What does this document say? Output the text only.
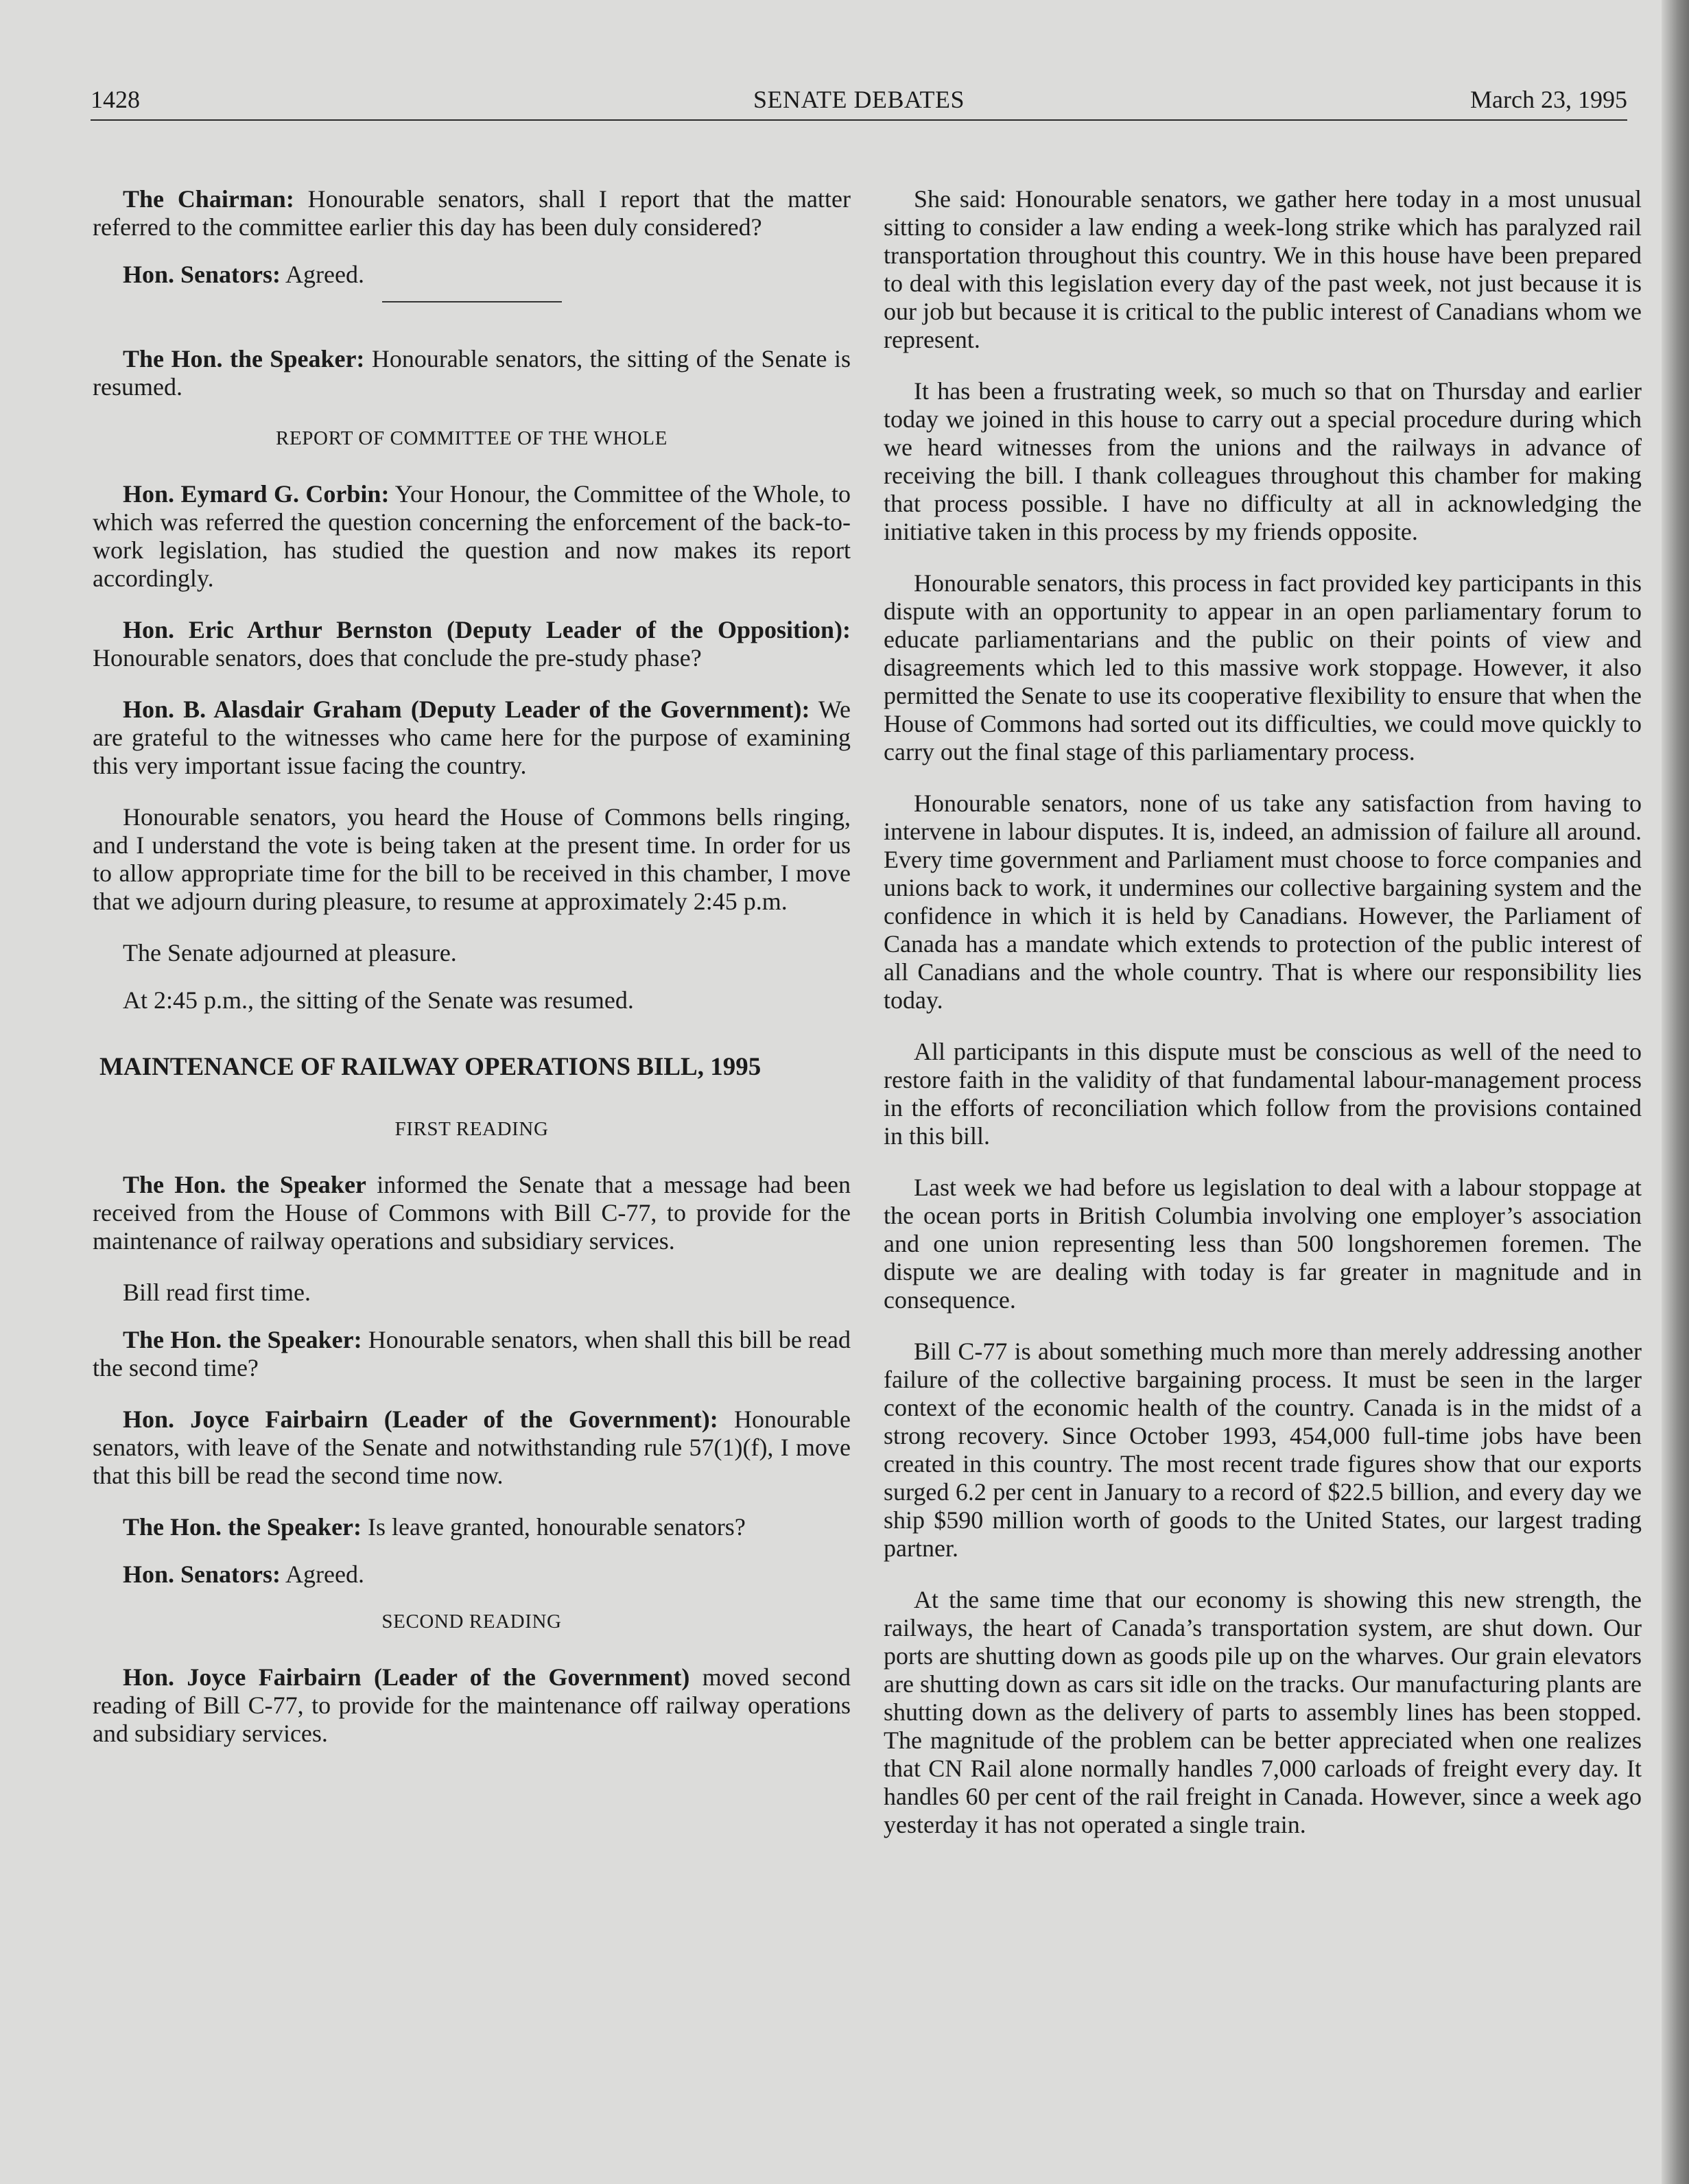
1428	SENATE DEBATES	March 23, 1995

The Chairman: Honourable senators, shall I report that the matter referred to the committee earlier this day has been duly considered?

Hon. Senators: Agreed.

The Hon. the Speaker: Honourable senators, the sitting of the Senate is resumed.

REPORT OF COMMITTEE OF THE WHOLE

Hon. Eymard G. Corbin: Your Honour, the Committee of the Whole, to which was referred the question concerning the enforcement of the back-to-work legislation, has studied the question and now makes its report accordingly.

Hon. Eric Arthur Bernston (Deputy Leader of the Opposition): Honourable senators, does that conclude the pre-study phase?

Hon. B. Alasdair Graham (Deputy Leader of the Government): We are grateful to the witnesses who came here for the purpose of examining this very important issue facing the country.

Honourable senators, you heard the House of Commons bells ringing, and I understand the vote is being taken at the present time. In order for us to allow appropriate time for the bill to be received in this chamber, I move that we adjourn during pleasure, to resume at approximately 2:45 p.m.

The Senate adjourned at pleasure.

At 2:45 p.m., the sitting of the Senate was resumed.

MAINTENANCE OF RAILWAY OPERATIONS BILL, 1995
FIRST READING

The Hon. the Speaker informed the Senate that a message had been received from the House of Commons with Bill C-77, to provide for the maintenance of railway operations and subsidiary services.

Bill read first time.

The Hon. the Speaker: Honourable senators, when shall this bill be read the second time?

Hon. Joyce Fairbairn (Leader of the Government): Honourable senators, with leave of the Senate and notwithstanding rule 57(1)(f), I move that this bill be read the second time now.

The Hon. the Speaker: Is leave granted, honourable senators?

Hon. Senators: Agreed.

SECOND READING

Hon. Joyce Fairbairn (Leader of the Government) moved second reading of Bill C-77, to provide for the maintenance off railway operations and subsidiary services.

She said: Honourable senators, we gather here today in a most unusual sitting to consider a law ending a week-long strike which has paralyzed rail transportation throughout this country. We in this house have been prepared to deal with this legislation every day of the past week, not just because it is our job but because it is critical to the public interest of Canadians whom we represent.

It has been a frustrating week, so much so that on Thursday and earlier today we joined in this house to carry out a special procedure during which we heard witnesses from the unions and the railways in advance of receiving the bill. I thank colleagues throughout this chamber for making that process possible. I have no difficulty at all in acknowledging the initiative taken in this process by my friends opposite.

Honourable senators, this process in fact provided key participants in this dispute with an opportunity to appear in an open parliamentary forum to educate parliamentarians and the public on their points of view and disagreements which led to this massive work stoppage. However, it also permitted the Senate to use its cooperative flexibility to ensure that when the House of Commons had sorted out its difficulties, we could move quickly to carry out the final stage of this parliamentary process.

Honourable senators, none of us take any satisfaction from having to intervene in labour disputes. It is, indeed, an admission of failure all around. Every time government and Parliament must choose to force companies and unions back to work, it undermines our collective bargaining system and the confidence in which it is held by Canadians. However, the Parliament of Canada has a mandate which extends to protection of the public interest of all Canadians and the whole country. That is where our responsibility lies today.

All participants in this dispute must be conscious as well of the need to restore faith in the validity of that fundamental labour-management process in the efforts of reconciliation which follow from the provisions contained in this bill.

Last week we had before us legislation to deal with a labour stoppage at the ocean ports in British Columbia involving one employer’s association and one union representing less than 500 longshoremen foremen. The dispute we are dealing with today is far greater in magnitude and in consequence.

Bill C-77 is about something much more than merely addressing another failure of the collective bargaining process. It must be seen in the larger context of the economic health of the country. Canada is in the midst of a strong recovery. Since October 1993, 454,000 full-time jobs have been created in this country. The most recent trade figures show that our exports surged 6.2 per cent in January to a record of $22.5 billion, and every day we ship $590 million worth of goods to the United States, our largest trading partner.

At the same time that our economy is showing this new strength, the railways, the heart of Canada’s transportation system, are shut down. Our ports are shutting down as goods pile up on the wharves. Our grain elevators are shutting down as cars sit idle on the tracks. Our manufacturing plants are shutting down as the delivery of parts to assembly lines has been stopped. The magnitude of the problem can be better appreciated when one realizes that CN Rail alone normally handles 7,000 carloads of freight every day. It handles 60 per cent of the rail freight in Canada. However, since a week ago yesterday it has not operated a single train.
